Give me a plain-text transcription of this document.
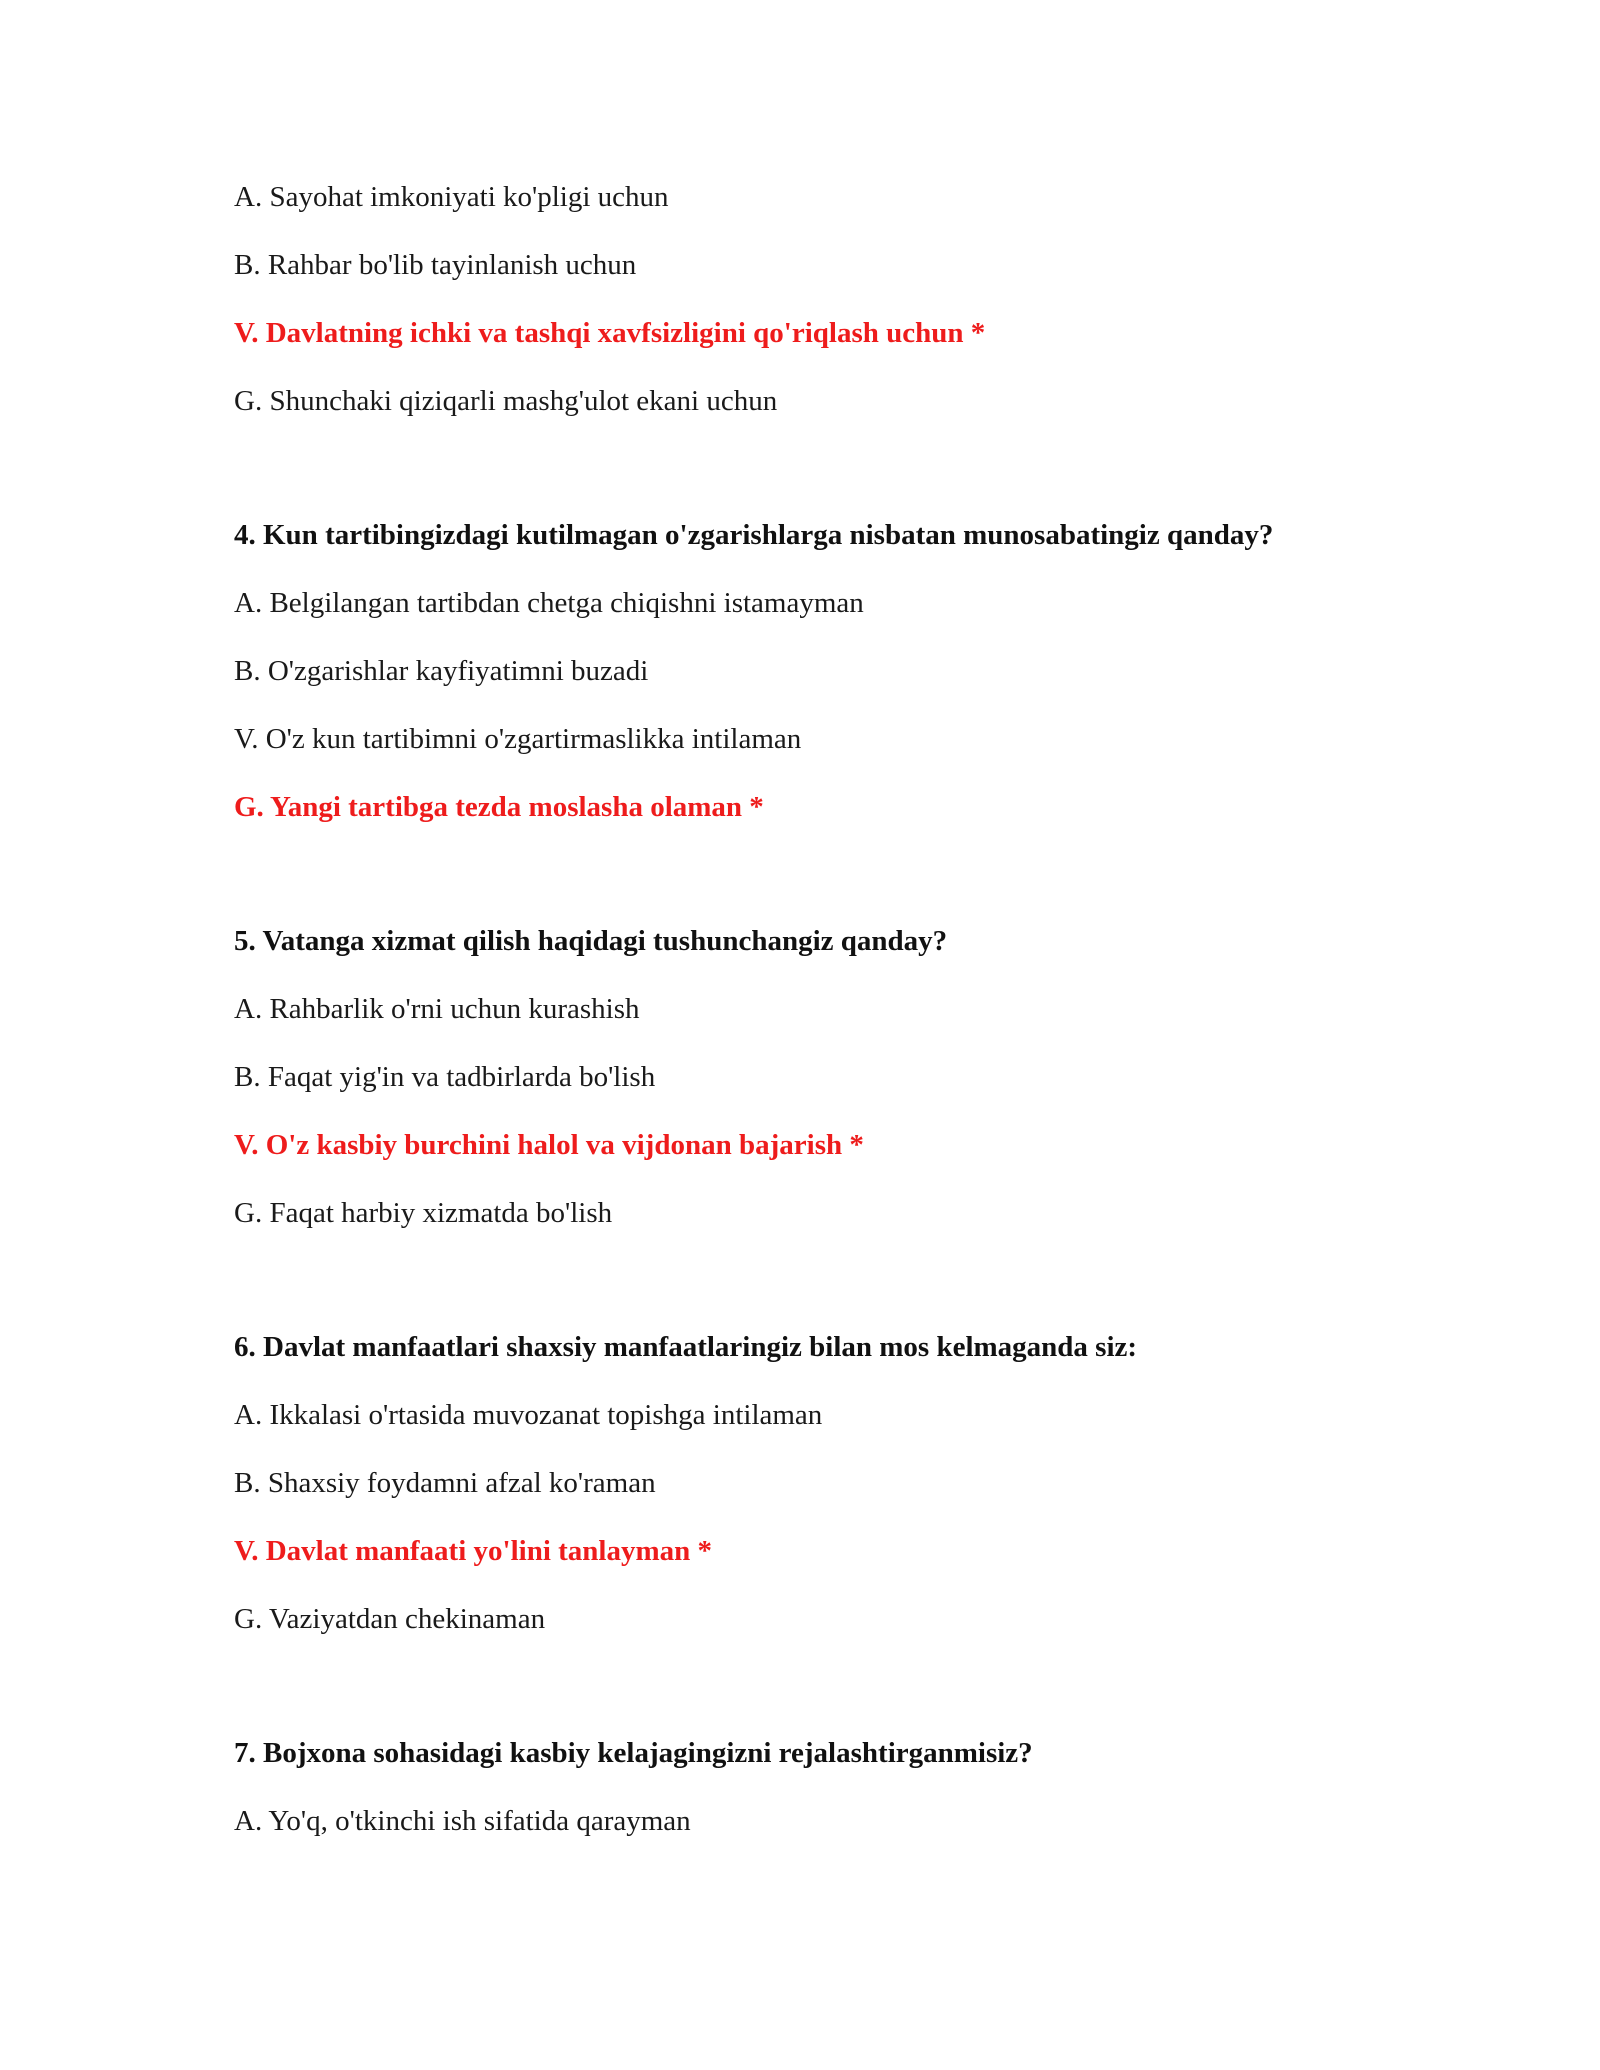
A. Sayohat imkoniyati ko'pligi uchun
B. Rahbar bo'lib tayinlanish uchun
V. Davlatning ichki va tashqi xavfsizligini qo'riqlash uchun *
G. Shunchaki qiziqarli mashg'ulot ekani uchun
4. Kun tartibingizdagi kutilmagan o'zgarishlarga nisbatan munosabatingiz qanday?
A. Belgilangan tartibdan chetga chiqishni istamayman
B. O'zgarishlar kayfiyatimni buzadi
V. O'z kun tartibimni o'zgartirmaslikka intilaman
G. Yangi tartibga tezda moslasha olaman *
5. Vatanga xizmat qilish haqidagi tushunchangiz qanday?
A. Rahbarlik o'rni uchun kurashish
B. Faqat yig'in va tadbirlarda bo'lish
V. O'z kasbiy burchini halol va vijdonan bajarish *
G. Faqat harbiy xizmatda bo'lish
6. Davlat manfaatlari shaxsiy manfaatlaringiz bilan mos kelmaganda siz:
A. Ikkalasi o'rtasida muvozanat topishga intilaman
B. Shaxsiy foydamni afzal ko'raman
V. Davlat manfaati yo'lini tanlayman *
G. Vaziyatdan chekinaman
7. Bojxona sohasidagi kasbiy kelajagingizni rejalashtirganmisiz?
A. Yo'q, o'tkinchi ish sifatida qarayman
